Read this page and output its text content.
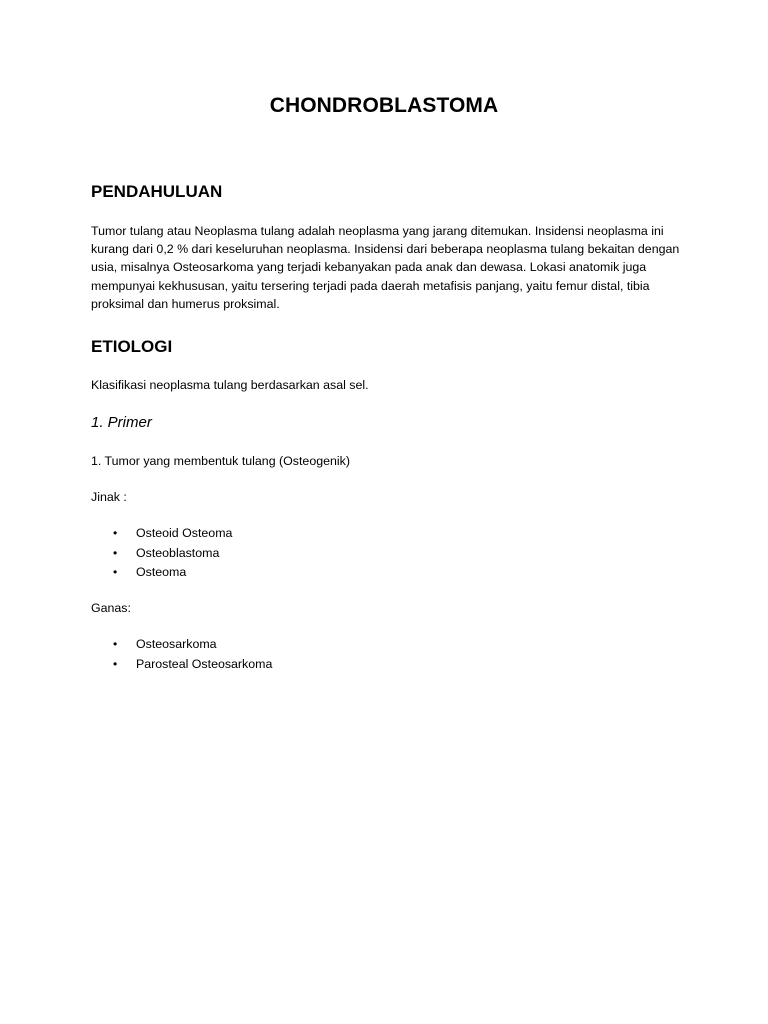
CHONDROBLASTOMA
PENDAHULUAN
Tumor tulang atau Neoplasma tulang adalah neoplasma yang jarang ditemukan. Insidensi neoplasma ini kurang dari 0,2 % dari keseluruhan neoplasma. Insidensi dari beberapa neoplasma tulang bekaitan dengan usia, misalnya Osteosarkoma yang terjadi kebanyakan pada anak dan dewasa. Lokasi anatomik juga mempunyai kekhususan, yaitu tersering terjadi pada daerah metafisis panjang, yaitu femur distal, tibia proksimal dan humerus proksimal.
ETIOLOGI
Klasifikasi neoplasma tulang berdasarkan asal sel.
1. Primer
1. Tumor yang membentuk tulang (Osteogenik)
Jinak :
• Osteoid Osteoma
• Osteoblastoma
• Osteoma
Ganas:
• Osteosarkoma
• Parosteal Osteosarkoma
